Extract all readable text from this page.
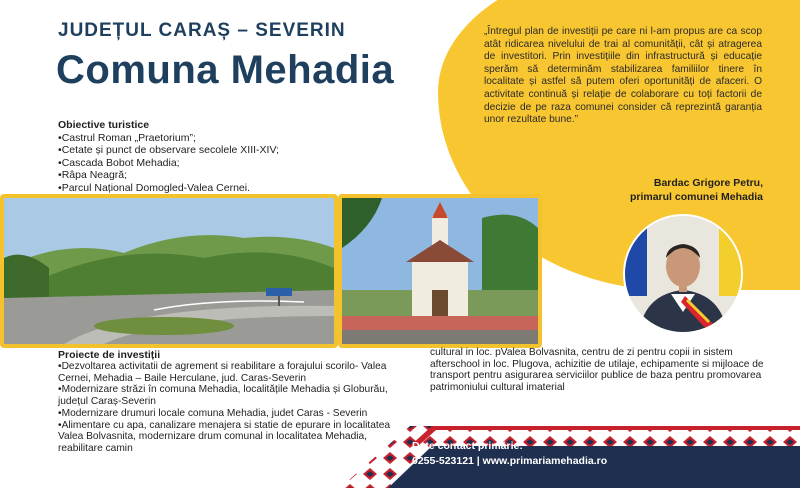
JUDEȚUL CARAȘ – SEVERIN
Comuna Mehadia
„Întregul plan de investiții pe care ni l-am propus are ca scop atât ridicarea nivelului de trai al comunității, cât și atragerea de investitori. Prin investițiile din infrastructură și educație sperăm să determinăm stabilizarea familiilor tinere în localitate și astfel să putem oferi oportunități de afaceri. O activitate continuă și relație de colaborare cu toți factorii de decizie de pe raza comunei consider că reprezintă garanția unor rezultate bune.”
Bardac Grigore Petru,
primarul comunei Mehadia
Obiective turistice
• Castrul Roman „Praetorium”;
• Cetate și punct de observare secolele XIII-XIV;
• Cascada Bobot Mehadia;
• Râpa Neagră;
• Parcul Național Domogled-Valea Cernei.
Proiecte de investiții
• Dezvoltarea activitatii de agrement si reabilitare a forajului scorilo- Valea Cernei, Mehadia – Baile Herculane, jud. Caras-Severin
• Modernizare străzi în comuna Mehadia, localitățile Mehadia și Globurău, județul Caraș-Severin
• Modernizare drumuri locale comuna Mehadia, judet Caras - Severin
• Alimentare cu apa, canalizare menajera si statie de epurare in localitatea Valea Bolvasnita, modernizare drum comunal in localitatea Mehadia, reabilitare camin
cultural in loc. pValea Bolvasnita, centru de zi pentru copii in sistem afterschool in loc. Plugova, achizitie de utilaje, echipamente si mijloace de transport pentru asigurarea serviciilor publice de baza pentru promovarea patrimoniului cultural imaterial
Date contact primărie:
0255-523121 | www.primariamehadia.ro
